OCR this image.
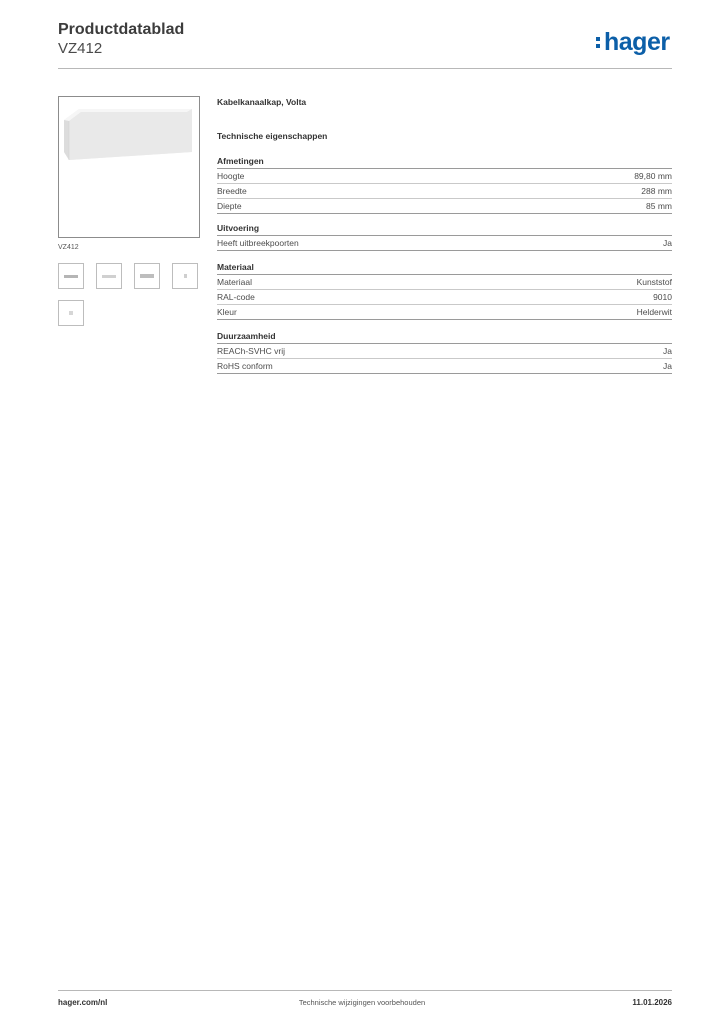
Productdatablad
VZ412	hager
VZ412
Kabelkanaalkap, Volta
Technische eigenschappen
Afmetingen
Hoogte	89,80 mm
Breedte	288 mm
Diepte	85 mm
Uitvoering
Heeft uitbreekpoorten	Ja
Materiaal
Materiaal	Kunststof
RAL-code	9010
Kleur	Helderwit
Duurzaamheid
REACh-SVHC vrij	Ja
RoHS conform	Ja
hager.com/nl	Technische wijzigingen voorbehouden	11.01.2026
